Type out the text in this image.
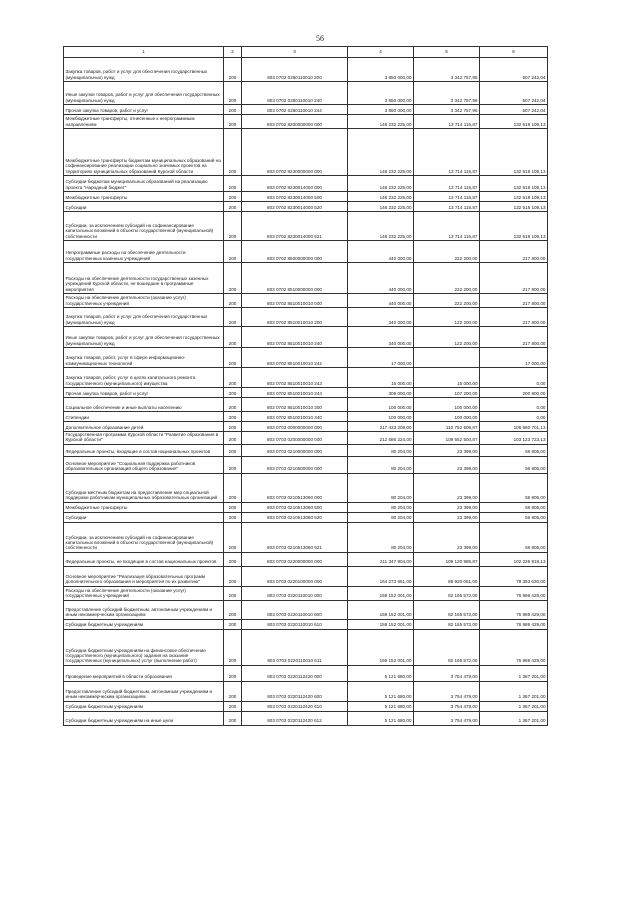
56
1	2	3	4	5	6
Закупка товаров, работ и услуг для обеспечения государственных (муниципальных) нужд	200	803 0702 0250110010 200	3 850 000,00	3 342 757,95	507 242,04
Иные закупки товаров, работ и услуг для обеспечения государственных (муниципальных) нужд	200	803 0702 0250110010 240	3 850 000,00	3 342 757,96	507 242,04
Прочая закупка товаров, работ и услуг	200	803 0702 0250110010 244	3 850 000,00	3 342 757,96	507 242,04
Межбюджетные трансферты, отнесенные к непрограммным направлениям	200	803 0702 8200000000 000	146 232 225,00	13 714 115,87	132 518 109,13
Межбюджетные трансферты бюджетам муниципальных образований на софинансирование реализации социально значимых проектов на территориях муниципальных образований Курской области	200	803 0702 8230000000 000	146 232 225,00	13 714 115,87	132 518 109,13
Субсидии бюджетам муниципальных образований на реализацию проекта "Народный бюджет"	200	803 0702 8230014000 000	146 232 225,00	13 714 115,87	132 518 109,13
Межбюджетные трансферты	200	803 0702 8230014000 500	146 232 225,00	13 714 115,87	132 518 109,13
Субсидии	200	803 0702 8230014000 520	146 232 225,00	13 714 115,87	132 518 109,13
Субсидии, за исключением субсидий на софинансирование капитальных вложений в объекты государственной (муниципальной) собственности	200	803 0702 8230014000 521	146 232 225,00	13 714 115,87	132 518 109,13
Непрограммные расходы на обеспечение деятельности государственных казенных учреждений	200	803 0702 8500000000 000	440 000,00	222 200,00	217 800,00
Расходы на обеспечение деятельности государственных казенных учреждений Курской области, не вошедшие в программные мероприятия	200	803 0702 8510000000 000	440 000,00	222 200,00	217 800,00
Расходы на обеспечение деятельности (оказание услуг) государственных учреждений	200	803 0702 8510010010 000	440 000,00	222 200,00	217 800,00
Закупка товаров, работ и услуг для обеспечения государственных (муниципальных) нужд	200	803 0702 8510010010 200	340 000,00	122 200,00	217 800,00
Иные закупки товаров, работ и услуг для обеспечения государственных (муниципальных) нужд	200	803 0702 8510010010 240	340 000,00	122 200,00	217 800,00
Закупка товаров, работ, услуг в сфере информационно-коммуникационных технологий	200	803 0702 8510010010 242	17 000,00		17 000,00
Закупка товаров, работ, услуг в целях капитального ремонта государственного (муниципального) имущества	200	803 0702 8510010010 243	15 000,00	15 000,00	0,00
Прочая закупка товаров, работ и услуг	200	803 0702 8510010010 244	308 000,00	107 200,00	200 800,00
Социальное обеспечение и иные выплаты населению	200	803 0702 8510010010 300	100 000,00	100 000,00	0,00
Стипендии	200	803 0702 8510010010 340	100 000,00	100 000,00	0,00
Дополнительное образование детей	200	803 0703 0000000000 000	217 433 208,00	110 752 506,87	106 680 701,13
Государственная программа Курской области "Развитие образования в Курской области"	200	803 0703 0200000000 000	212 686 224,00	109 552 500,87	103 123 723,13
Федеральные проекты, входящие в состав национальных проектов	200	803 0703 0210000000 000	80 204,00	23 399,00	56 805,00
Основное мероприятие "Социальная поддержка работников образовательных организаций общего образования"	200	803 0703 0210500000 000	80 204,00	23 399,00	56 805,00
Субсидии местным бюджетам на предоставление мер социальной поддержки работникам муниципальных образовательных организаций	200	803 0703 0210513060 000	80 204,00	23 399,00	56 805,00
Межбюджетные трансферты	200	803 0703 0210513060 500	80 204,00	23 399,00	56 805,00
Субсидии	200	803 0703 0210513060 520	80 204,00	23 399,00	56 805,00
Субсидии, за исключением субсидий на софинансирование капитальных вложений в объекты государственной (муниципальной) собственности	200	803 0703 0210513060 521	80 204,00	23 399,00	56 805,00
Федеральные проекты, не входящие в состав национальных проектов	200	803 0703 0220000000 000	211 347 904,00	109 120 985,87	102 226 918,13
Основное мероприятие "Реализация образовательных программ дополнительного образования и мероприятия по их развитию"	200	803 0703 0220100000 000	164 273 661,00	85 920 051,00	78 353 630,00
Расходы на обеспечение деятельности (оказание услуг) государственных учреждений	200	803 0703 0220110010 000	159 152 001,00	82 165 572,00	76 986 429,00
Предоставление субсидий бюджетным, автономным учреждениям и иным некоммерческим организациям	200	803 0703 0220110010 600	159 152 001,00	82 165 572,00	76 986 429,00
Субсидии бюджетным учреждениям	200	803 0703 0220110010 610	159 152 001,00	82 165 572,00	76 986 429,00
Субсидии бюджетным учреждениям на финансовое обеспечение государственного (муниципального) задания на оказание государственных (муниципальных) услуг (выполнение работ)	200	803 0703 0220110010 611	159 152 001,00	82 165 572,00	76 986 429,00
Проведение мероприятий в области образования	200	803 0703 0220112420 000	5 121 680,00	3 754 479,00	1 367 201,00
Предоставление субсидий бюджетным, автономным учреждениям и иным некоммерческим организациям	200	803 0703 0220112420 600	5 121 680,00	3 754 479,00	1 367 201,00
Субсидии бюджетным учреждениям	200	803 0703 0220112420 610	5 121 680,00	3 754 479,00	1 367 201,00
Субсидии бюджетным учреждениям на иные цели	200	803 0703 0220112420 612	5 121 680,00	3 754 479,00	1 367 201,00
